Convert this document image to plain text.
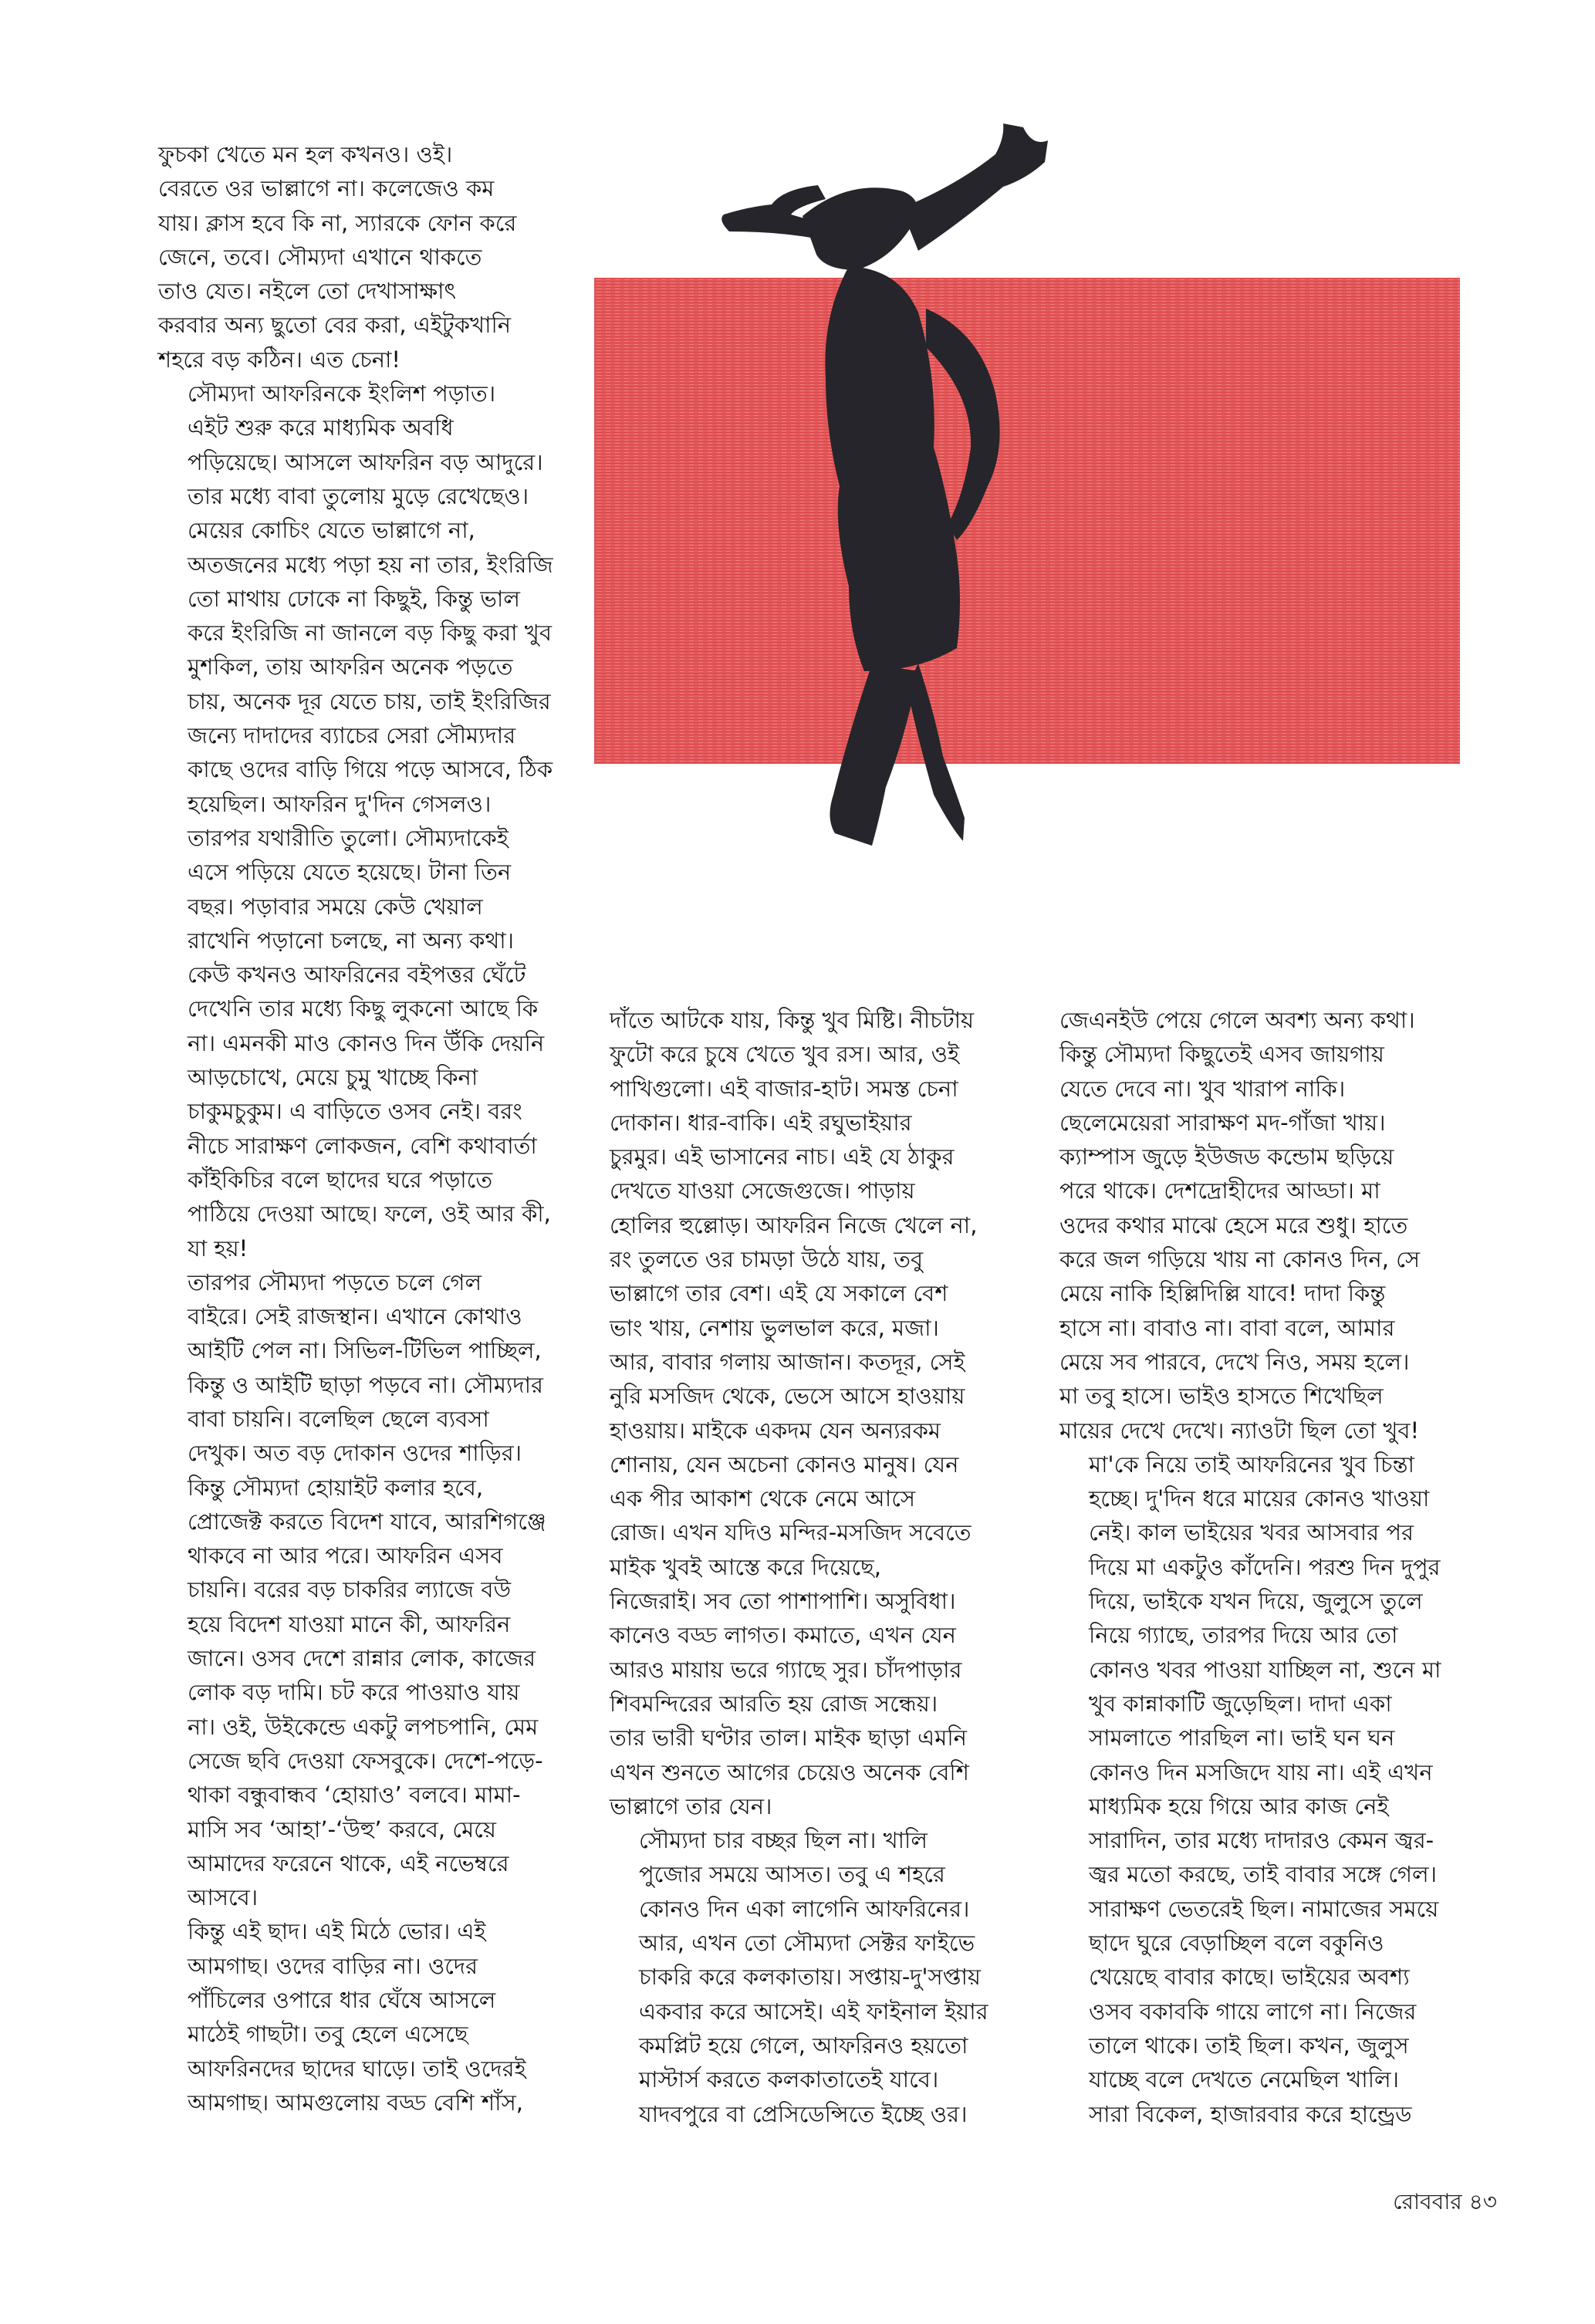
ফুচকা খেতে মন হল কখনও। ওই।
বেরতে ওর ভাল্লাগে না। কলেজেও কম
যায়। ক্লাস হবে কি না, স্যারকে ফোন করে
জেনে, তবে। সৌম্যদা এখানে থাকতে
তাও যেত। নইলে তো দেখাসাক্ষাৎ
করবার অন্য ছুতো বের করা, এইটুকখানি
শহরে বড় কঠিন। এত চেনা!

সৌম্যদা আফরিনকে ইংলিশ পড়াত।
এইট শুরু করে মাধ্যমিক অবধি
পড়িয়েছে। আসলে আফরিন বড় আদুরে।
তার মধ্যে বাবা তুলোয় মুড়ে রেখেছেও।
মেয়ের কোচিং যেতে ভাল্লাগে না,
অতজনের মধ্যে পড়া হয় না তার, ইংরিজি
তো মাথায় ঢোকে না কিছুই, কিন্তু ভাল
করে ইংরিজি না জানলে বড় কিছু করা খুব
মুশকিল, তায় আফরিন অনেক পড়তে
চায়, অনেক দূর যেতে চায়, তাই ইংরিজির
জন্যে দাদাদের ব্যাচের সেরা সৌম্যদার
কাছে ওদের বাড়ি গিয়ে পড়ে আসবে, ঠিক
হয়েছিল। আফরিন দু'দিন গেসলও।
তারপর যথারীতি তুলো। সৌম্যদাকেই
এসে পড়িয়ে যেতে হয়েছে। টানা তিন
বছর। পড়াবার সময়ে কেউ খেয়াল
রাখেনি পড়ানো চলছে, না অন্য কথা।
কেউ কখনও আফরিনের বইপত্তর ঘেঁটে
দেখেনি তার মধ্যে কিছু লুকনো আছে কি
না। এমনকী মাও কোনও দিন উঁকি দেয়নি
আড়চোখে, মেয়ে চুমু খাচ্ছে কিনা
চাকুমচুকুম। এ বাড়িতে ওসব নেই। বরং
নীচে সারাক্ষণ লোকজন, বেশি কথাবার্তা
কাঁইকিচির বলে ছাদের ঘরে পড়াতে
পাঠিয়ে দেওয়া আছে। ফলে, ওই আর কী,
যা হয়!

তারপর সৌম্যদা পড়তে চলে গেল
বাইরে। সেই রাজস্থান। এখানে কোথাও
আইটি পেল না। সিভিল-টিভিল পাচ্ছিল,
কিন্তু ও আইটি ছাড়া পড়বে না। সৌম্যদার
বাবা চায়নি। বলেছিল ছেলে ব্যবসা
দেখুক। অত বড় দোকান ওদের শাড়ির।
কিন্তু সৌম্যদা হোয়াইট কলার হবে,
প্রোজেক্ট করতে বিদেশ যাবে, আরশিগঞ্জে
থাকবে না আর পরে। আফরিন এসব
চায়নি। বরের বড় চাকরির ল্যাজে বউ
হয়ে বিদেশ যাওয়া মানে কী, আফরিন
জানে। ওসব দেশে রান্নার লোক, কাজের
লোক বড় দামি। চট করে পাওয়াও যায়
না। ওই, উইকেন্ডে একটু লপচপানি, মেম
সেজে ছবি দেওয়া ফেসবুকে। দেশে-পড়ে-
থাকা বন্ধুবান্ধব ‘হোয়াও’ বলবে। মামা-
মাসি সব ‘আহা’-‘উহু’ করবে, মেয়ে
আমাদের ফরেনে থাকে, এই নভেম্বরে
আসবে।

কিন্তু এই ছাদ। এই মিঠে ভোর। এই
আমগাছ। ওদের বাড়ির না। ওদের
পাঁচিলের ওপারে ধার ঘেঁষে আসলে
মাঠেই গাছটা। তবু হেলে এসেছে
আফরিনদের ছাদের ঘাড়ে। তাই ওদেরই
আমগাছ। আমগুলোয় বড্ড বেশি শাঁস,

দাঁতে আটকে যায়, কিন্তু খুব মিষ্টি। নীচটায়
ফুটো করে চুষে খেতে খুব রস। আর, ওই
পাখিগুলো। এই বাজার-হাট। সমস্ত চেনা
দোকান। ধার-বাকি। এই রঘুভাইয়ার
চুরমুর। এই ভাসানের নাচ। এই যে ঠাকুর
দেখতে যাওয়া সেজেগুজে। পাড়ায়
হোলির হুল্লোড়। আফরিন নিজে খেলে না,
রং তুলতে ওর চামড়া উঠে যায়, তবু
ভাল্লাগে তার বেশ। এই যে সকালে বেশ
ভাং খায়, নেশায় ভুলভাল করে, মজা।
আর, বাবার গলায় আজান। কতদূর, সেই
নুরি মসজিদ থেকে, ভেসে আসে হাওয়ায়
হাওয়ায়। মাইকে একদম যেন অন্যরকম
শোনায়, যেন অচেনা কোনও মানুষ। যেন
এক পীর আকাশ থেকে নেমে আসে
রোজ। এখন যদিও মন্দির-মসজিদ সবেতে
মাইক খুবই আস্তে করে দিয়েছে,
নিজেরাই। সব তো পাশাপাশি। অসুবিধা।
কানেও বড্ড লাগত। কমাতে, এখন যেন
আরও মায়ায় ভরে গ্যাছে সুর। চাঁদপাড়ার
শিবমন্দিরের আরতি হয় রোজ সন্ধেয়।
তার ভারী ঘণ্টার তাল। মাইক ছাড়া এমনি
এখন শুনতে আগের চেয়েও অনেক বেশি
ভাল্লাগে তার যেন।

সৌম্যদা চার বচ্ছর ছিল না। খালি
পুজোর সময়ে আসত। তবু এ শহরে
কোনও দিন একা লাগেনি আফরিনের।
আর, এখন তো সৌম্যদা সেক্টর ফাইভে
চাকরি করে কলকাতায়। সপ্তায়-দু'সপ্তায়
একবার করে আসেই। এই ফাইনাল ইয়ার
কমপ্লিট হয়ে গেলে, আফরিনও হয়তো
মাস্টার্স করতে কলকাতাতেই যাবে।
যাদবপুরে বা প্রেসিডেন্সিতে ইচ্ছে ওর।

জেএনইউ পেয়ে গেলে অবশ্য অন্য কথা।
কিন্তু সৌম্যদা কিছুতেই এসব জায়গায়
যেতে দেবে না। খুব খারাপ নাকি।
ছেলেমেয়েরা সারাক্ষণ মদ-গাঁজা খায়।
ক্যাম্পাস জুড়ে ইউজড কন্ডোম ছড়িয়ে
পরে থাকে। দেশদ্রোহীদের আড্ডা। মা
ওদের কথার মাঝে হেসে মরে শুধু। হাতে
করে জল গড়িয়ে খায় না কোনও দিন, সে
মেয়ে নাকি হিল্লিদিল্লি যাবে! দাদা কিন্তু
হাসে না। বাবাও না। বাবা বলে, আমার
মেয়ে সব পারবে, দেখে নিও, সময় হলে।
মা তবু হাসে। ভাইও হাসতে শিখেছিল
মায়ের দেখে দেখে। ন্যাওটা ছিল তো খুব!

মা'কে নিয়ে তাই আফরিনের খুব চিন্তা
হচ্ছে। দু'দিন ধরে মায়ের কোনও খাওয়া
নেই। কাল ভাইয়ের খবর আসবার পর
দিয়ে মা একটুও কাঁদেনি। পরশু দিন দুপুর
দিয়ে, ভাইকে যখন দিয়ে, জুলুসে তুলে
নিয়ে গ্যাছে, তারপর দিয়ে আর তো
কোনও খবর পাওয়া যাচ্ছিল না, শুনে মা
খুব কান্নাকাটি জুড়েছিল। দাদা একা
সামলাতে পারছিল না। ভাই ঘন ঘন
কোনও দিন মসজিদে যায় না। এই এখন
মাধ্যমিক হয়ে গিয়ে আর কাজ নেই
সারাদিন, তার মধ্যে দাদারও কেমন জ্বর-
জ্বর মতো করছে, তাই বাবার সঙ্গে গেল।
সারাক্ষণ ভেতরেই ছিল। নামাজের সময়ে
ছাদে ঘুরে বেড়াচ্ছিল বলে বকুনিও
খেয়েছে বাবার কাছে। ভাইয়ের অবশ্য
ওসব বকাবকি গায়ে লাগে না। নিজের
তালে থাকে। তাই ছিল। কখন, জুলুস
যাচ্ছে বলে দেখতে নেমেছিল খালি।

সারা বিকেল, হাজারবার করে হান্ড্রেড

রোববার ৪৩
